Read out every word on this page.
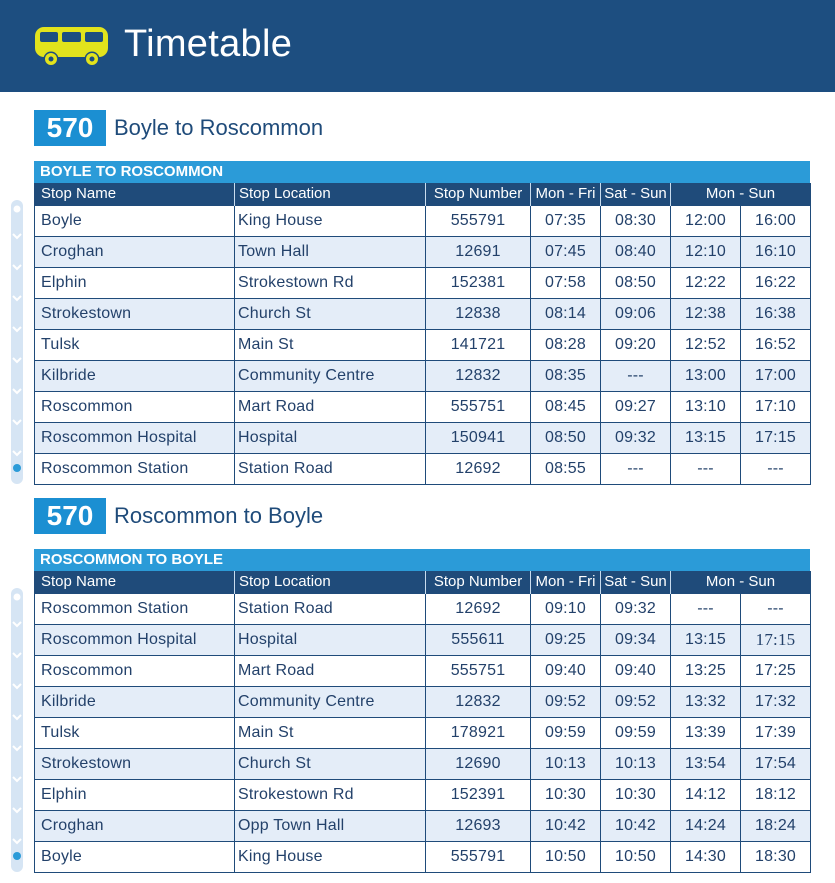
Timetable
570 Boyle to Roscommon
BOYLE TO ROSCOMMON
Stop Name	Stop Location	Stop Number	Mon - Fri	Sat - Sun	Mon - Sun	
Boyle	King House	555791	07:35	08:30	12:00	16:00
Croghan	Town Hall	12691	07:45	08:40	12:10	16:10
Elphin	Strokestown Rd	152381	07:58	08:50	12:22	16:22
Strokestown	Church St	12838	08:14	09:06	12:38	16:38
Tulsk	Main St	141721	08:28	09:20	12:52	16:52
Kilbride	Community Centre	12832	08:35	---	13:00	17:00
Roscommon	Mart Road	555751	08:45	09:27	13:10	17:10
Roscommon Hospital	Hospital	150941	08:50	09:32	13:15	17:15
Roscommon Station	Station Road	12692	08:55	---	---	---
570 Roscommon to Boyle
ROSCOMMON TO BOYLE
Stop Name	Stop Location	Stop Number	Mon - Fri	Sat - Sun	Mon - Sun	
Roscommon Station	Station Road	12692	09:10	09:32	---	---
Roscommon Hospital	Hospital	555611	09:25	09:34	13:15	17:15
Roscommon	Mart Road	555751	09:40	09:40	13:25	17:25
Kilbride	Community Centre	12832	09:52	09:52	13:32	17:32
Tulsk	Main St	178921	09:59	09:59	13:39	17:39
Strokestown	Church St	12690	10:13	10:13	13:54	17:54
Elphin	Strokestown Rd	152391	10:30	10:30	14:12	18:12
Croghan	Opp Town Hall	12693	10:42	10:42	14:24	18:24
Boyle	King House	555791	10:50	10:50	14:30	18:30
